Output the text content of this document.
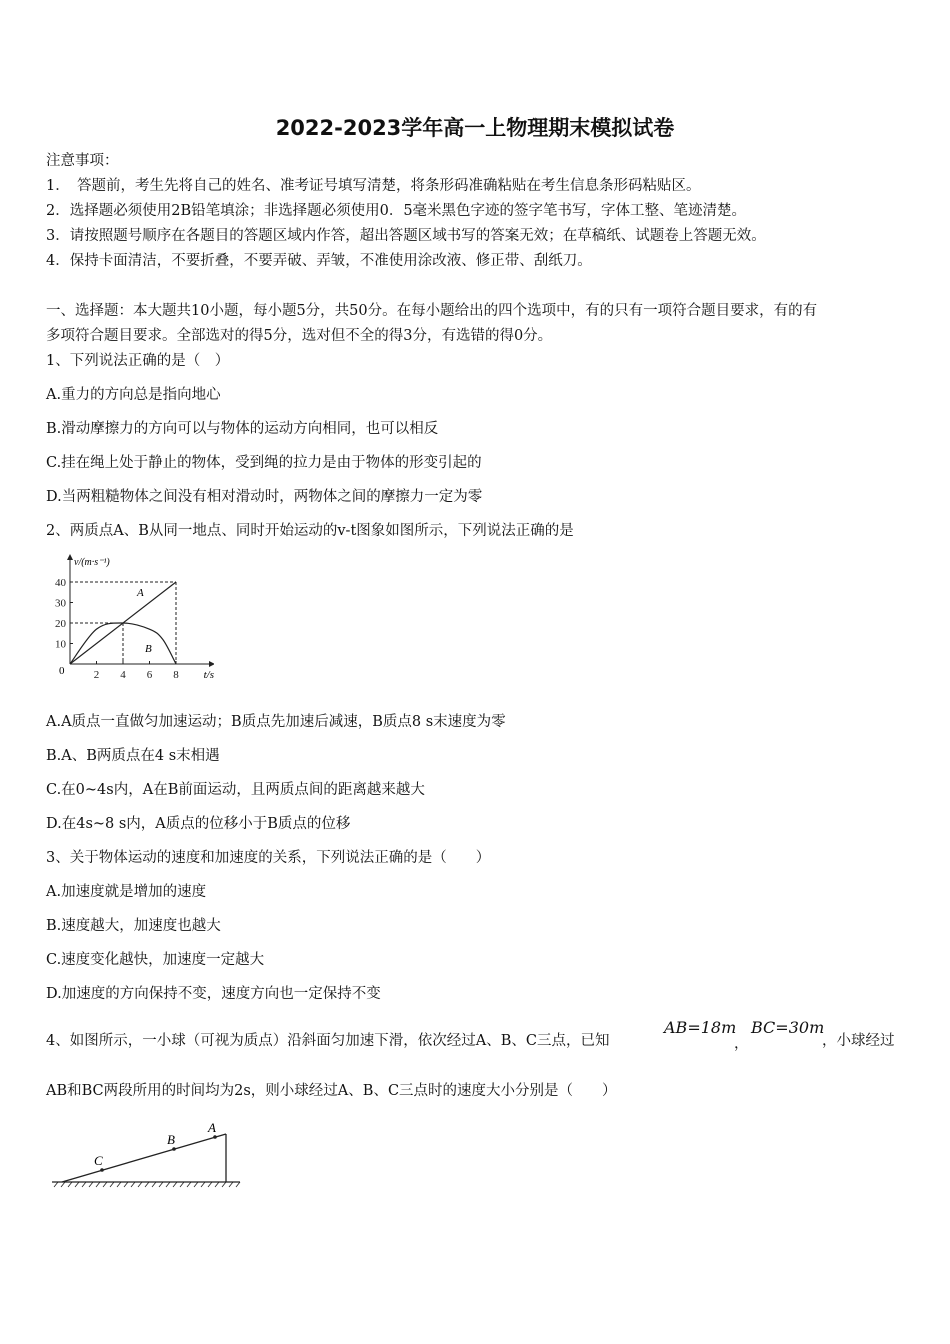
2022-2023学年高一上物理期末模拟试卷
注意事项：
1．　答题前，考生先将自己的姓名、准考证号填写清楚，将条形码准确粘贴在考生信息条形码粘贴区。
2．选择题必须使用2B铅笔填涂；非选择题必须使用0．5毫米黑色字迹的签字笔书写，字体工整、笔迹清楚。
3．请按照题号顺序在各题目的答题区域内作答，超出答题区域书写的答案无效；在草稿纸、试题卷上答题无效。
4．保持卡面清洁，不要折叠，不要弄破、弄皱，不准使用涂改液、修正带、刮纸刀。
一、选择题：本大题共10小题，每小题5分，共50分。在每小题给出的四个选项中，有的只有一项符合题目要求，有的有
多项符合题目要求。全部选对的得5分，选对但不全的得3分，有选错的得0分。
1、下列说法正确的是（　）
A.重力的方向总是指向地心
B.滑动摩擦力的方向可以与物体的运动方向相同，也可以相反
C.挂在绳上处于静止的物体，受到绳的拉力是由于物体的形变引起的
D.当两粗糙物体之间没有相对滑动时，两物体之间的摩擦力一定为零
2、两质点A、B从同一地点、同时开始运动的v-t图象如图所示，下列说法正确的是
v/(m·s⁻¹)
t/s
0
A
B
40
30
20
10
2 4 6 8
A.A质点一直做匀加速运动；B质点先加速后减速，B质点8 s末速度为零
B.A、B两质点在4 s末相遇
C.在0~4s内，A在B前面运动，且两质点间的距离越来越大
D.在4s~8 s内，A质点的位移小于B质点的位移
3、关于物体运动的速度和加速度的关系，下列说法正确的是（　　）
A.加速度就是增加的速度
B.速度越大，加速度也越大
C.速度变化越快，加速度一定越大
D.加速度的方向保持不变，速度方向也一定保持不变
4、如图所示，一小球（可视为质点）沿斜面匀加速下滑，依次经过A、B、C三点，已知
AB=18m
，
BC=30m
，小球经过
AB和BC两段所用的时间均为2s，则小球经过A、B、C三点时的速度大小分别是（　　）
A
B
C
